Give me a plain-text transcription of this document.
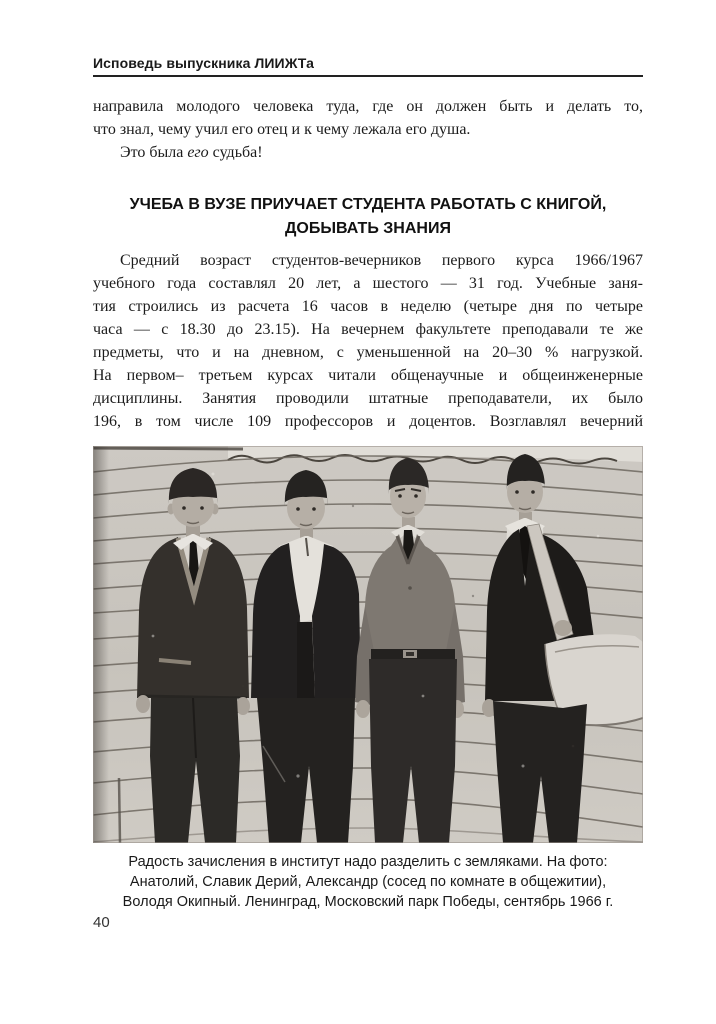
Исповедь выпускника ЛИИЖТа
направила молодого человека туда, где он должен быть и делать то,
что знал, чему учил его отец и к чему лежала его душа.
Это была его судьба!
УЧЕБА В ВУЗЕ ПРИУЧАЕТ СТУДЕНТА РАБОТАТЬ С КНИГОЙ,
ДОБЫВАТЬ ЗНАНИЯ
Средний возраст студентов-вечерников первого курса 1966/1967
учебного года составлял 20 лет, а шестого — 31 год. Учебные заня-
тия строились из расчета 16 часов в неделю (четыре дня по четыре
часа — с 18.30 до 23.15). На вечернем факультете преподавали те же
предметы, что и на дневном, с уменьшенной на 20–30 % нагрузкой.
На первом– третьем курсах читали общенаучные и общеинженерные
дисциплины. Занятия проводили штатные преподаватели, их было
196, в том числе 109 профессоров и доцентов. Возглавлял вечерний
Радость зачисления в институт надо разделить с земляками. На фото:
Анатолий, Славик Дерий, Александр (сосед по комнате в общежитии),
Володя Окипный. Ленинград, Московский парк Победы, сентябрь 1966 г.
40
